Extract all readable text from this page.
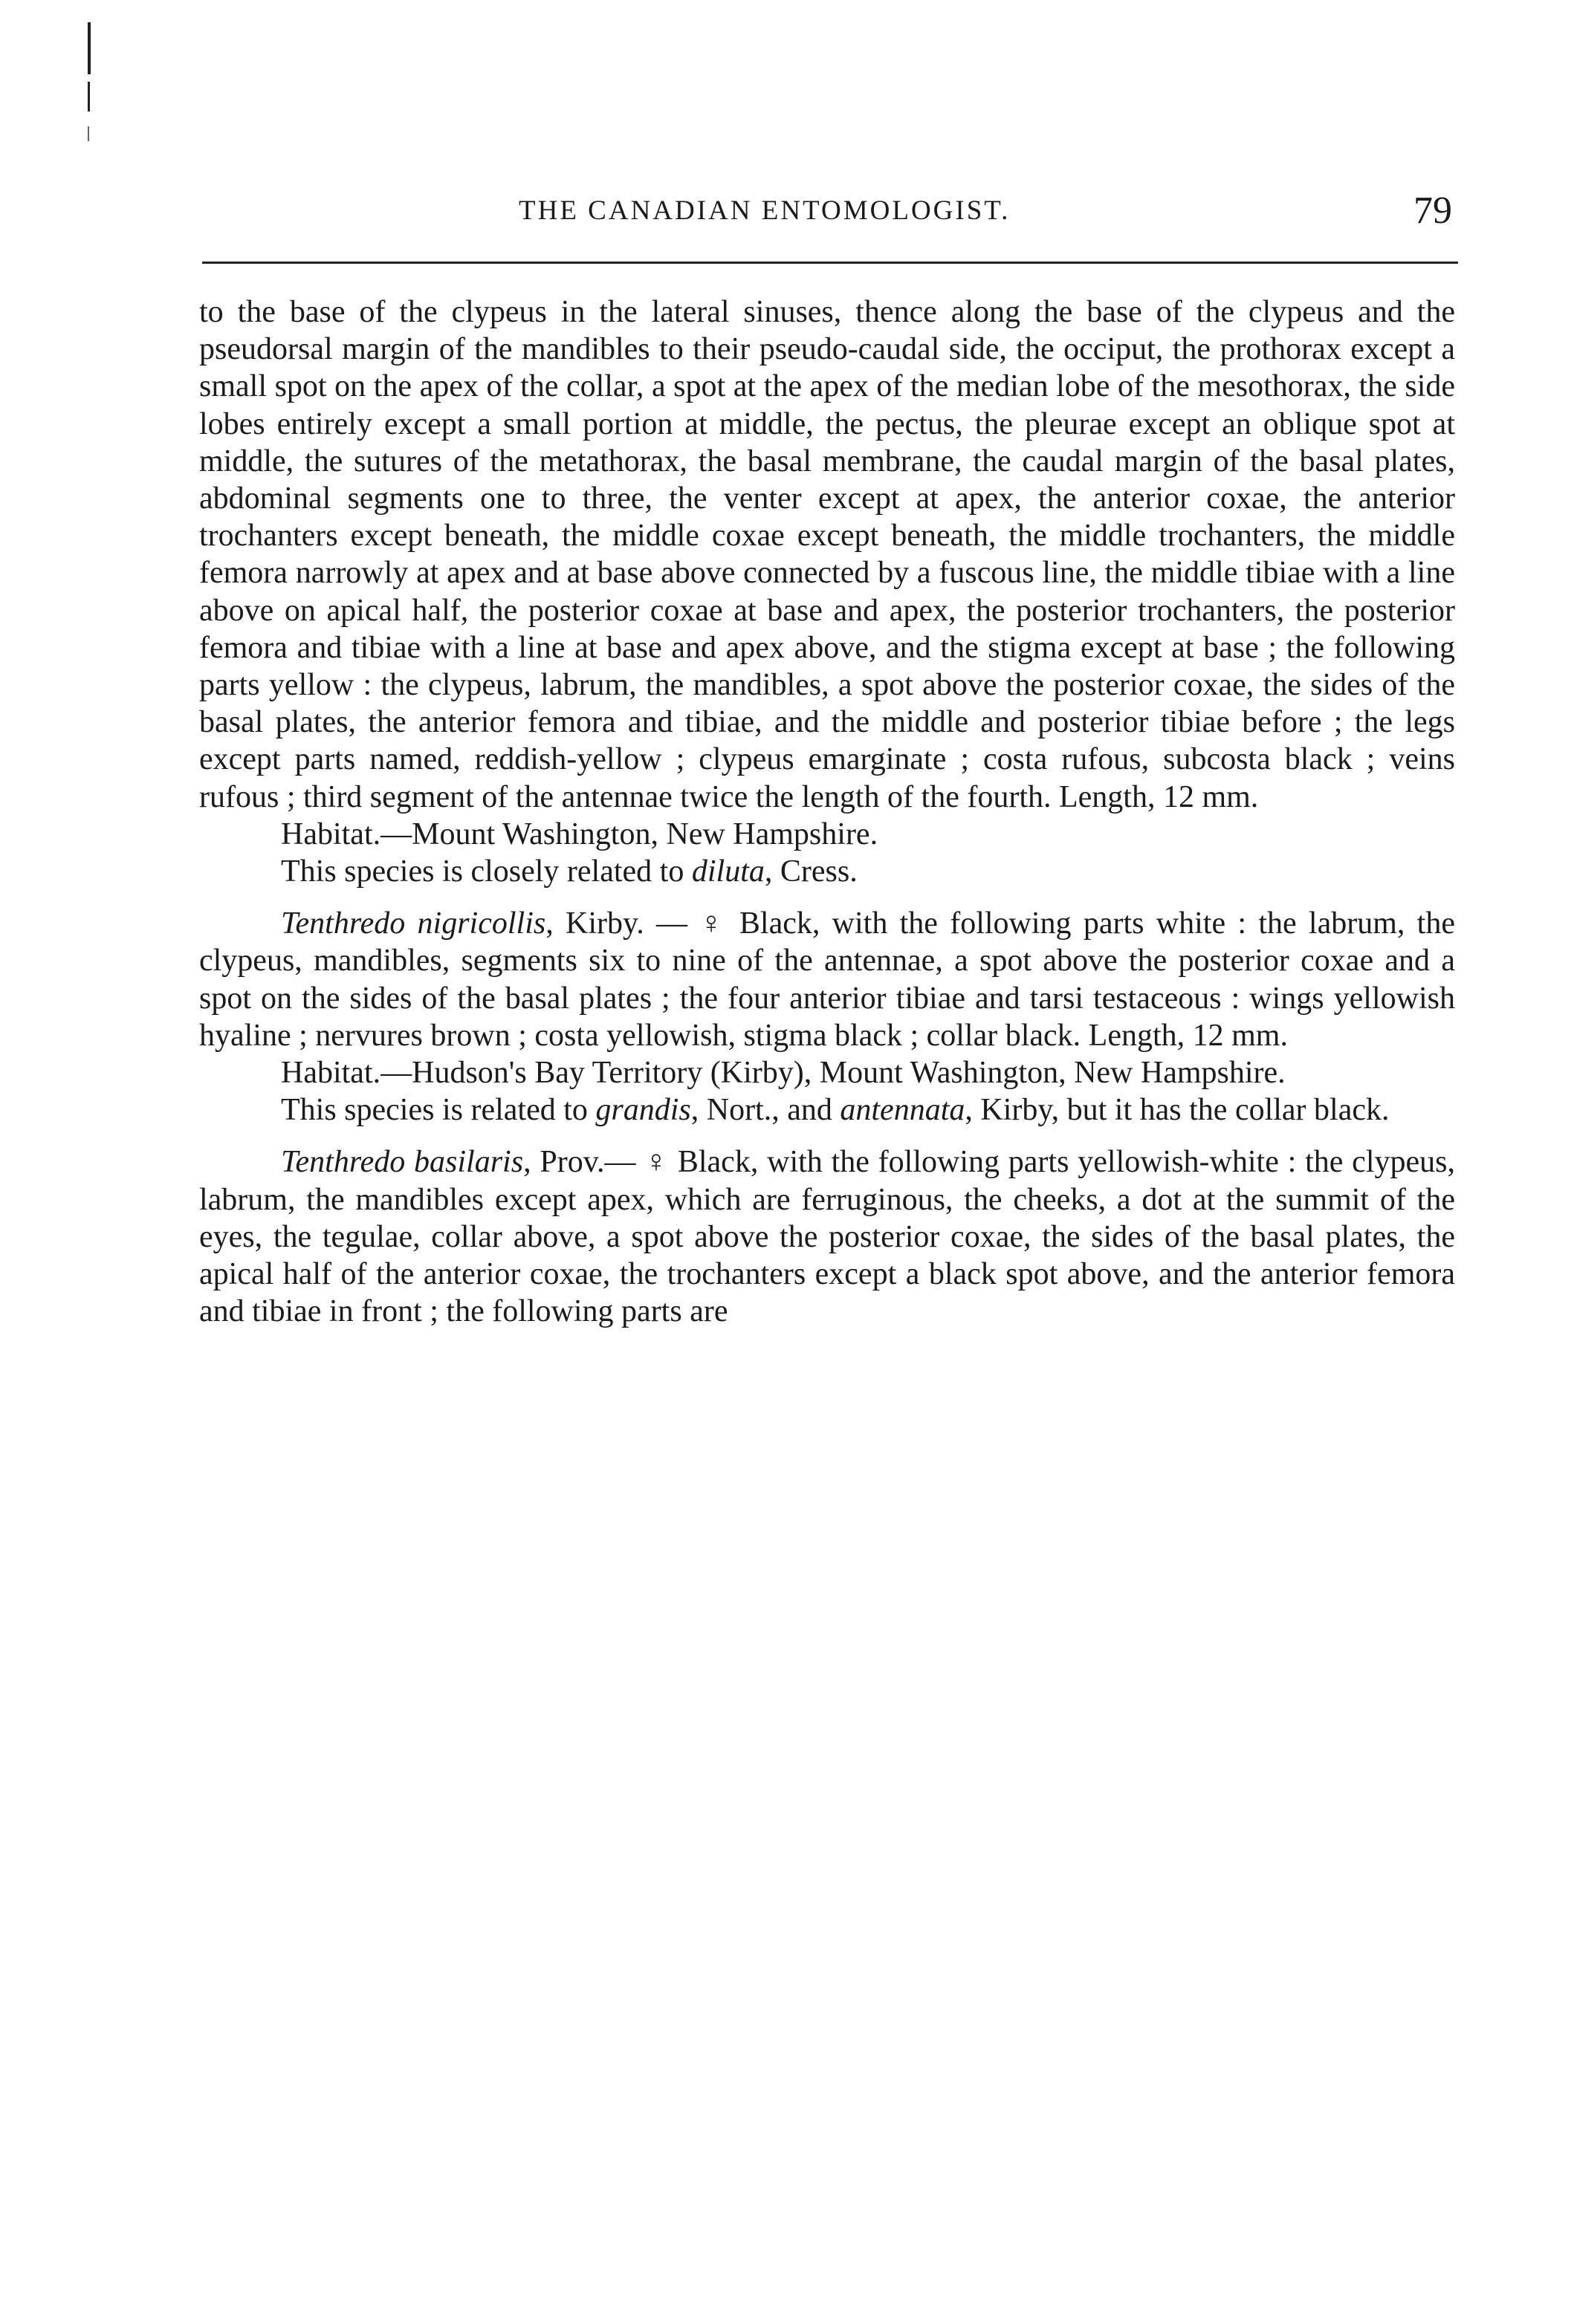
THE CANADIAN ENTOMOLOGIST.	79

to the base of the clypeus in the lateral sinuses, thence along the base of the clypeus and the pseudorsal margin of the mandibles to their pseudo-caudal side, the occiput, the prothorax except a small spot on the apex of the collar, a spot at the apex of the median lobe of the mesothorax, the side lobes entirely except a small portion at middle, the pectus, the pleurae except an oblique spot at middle, the sutures of the metathorax, the basal membrane, the caudal margin of the basal plates, abdominal segments one to three, the venter except at apex, the anterior coxae, the anterior trochanters except beneath, the middle coxae except beneath, the middle trochanters, the middle femora narrowly at apex and at base above connected by a fuscous line, the middle tibiae with a line above on apical half, the posterior coxae at base and apex, the posterior trochanters, the posterior femora and tibiae with a line at base and apex above, and the stigma except at base ; the following parts yellow : the clypeus, labrum, the mandibles, a spot above the posterior coxae, the sides of the basal plates, the anterior femora and tibiae, and the middle and posterior tibiae before ; the legs except parts named, reddish-yellow ; clypeus emarginate ; costa rufous, subcosta black ; veins rufous ; third segment of the antennae twice the length of the fourth. Length, 12 mm.

Habitat.—Mount Washington, New Hampshire.

This species is closely related to diluta, Cress.

Tenthredo nigricollis, Kirby. — ♀ Black, with the following parts white : the labrum, the clypeus, mandibles, segments six to nine of the antennae, a spot above the posterior coxae and a spot on the sides of the basal plates ; the four anterior tibiae and tarsi testaceous : wings yellowish hyaline ; nervures brown ; costa yellowish, stigma black ; collar black. Length, 12 mm.

Habitat.—Hudson's Bay Territory (Kirby), Mount Washington, New Hampshire.

This species is related to grandis, Nort., and antennata, Kirby, but it has the collar black.

Tenthredo basilaris, Prov.— ♀ Black, with the following parts yellowish-white : the clypeus, labrum, the mandibles except apex, which are ferruginous, the cheeks, a dot at the summit of the eyes, the tegulae, collar above, a spot above the posterior coxae, the sides of the basal plates, the apical half of the anterior coxae, the trochanters except a black spot above, and the anterior femora and tibiae in front ; the following parts are
